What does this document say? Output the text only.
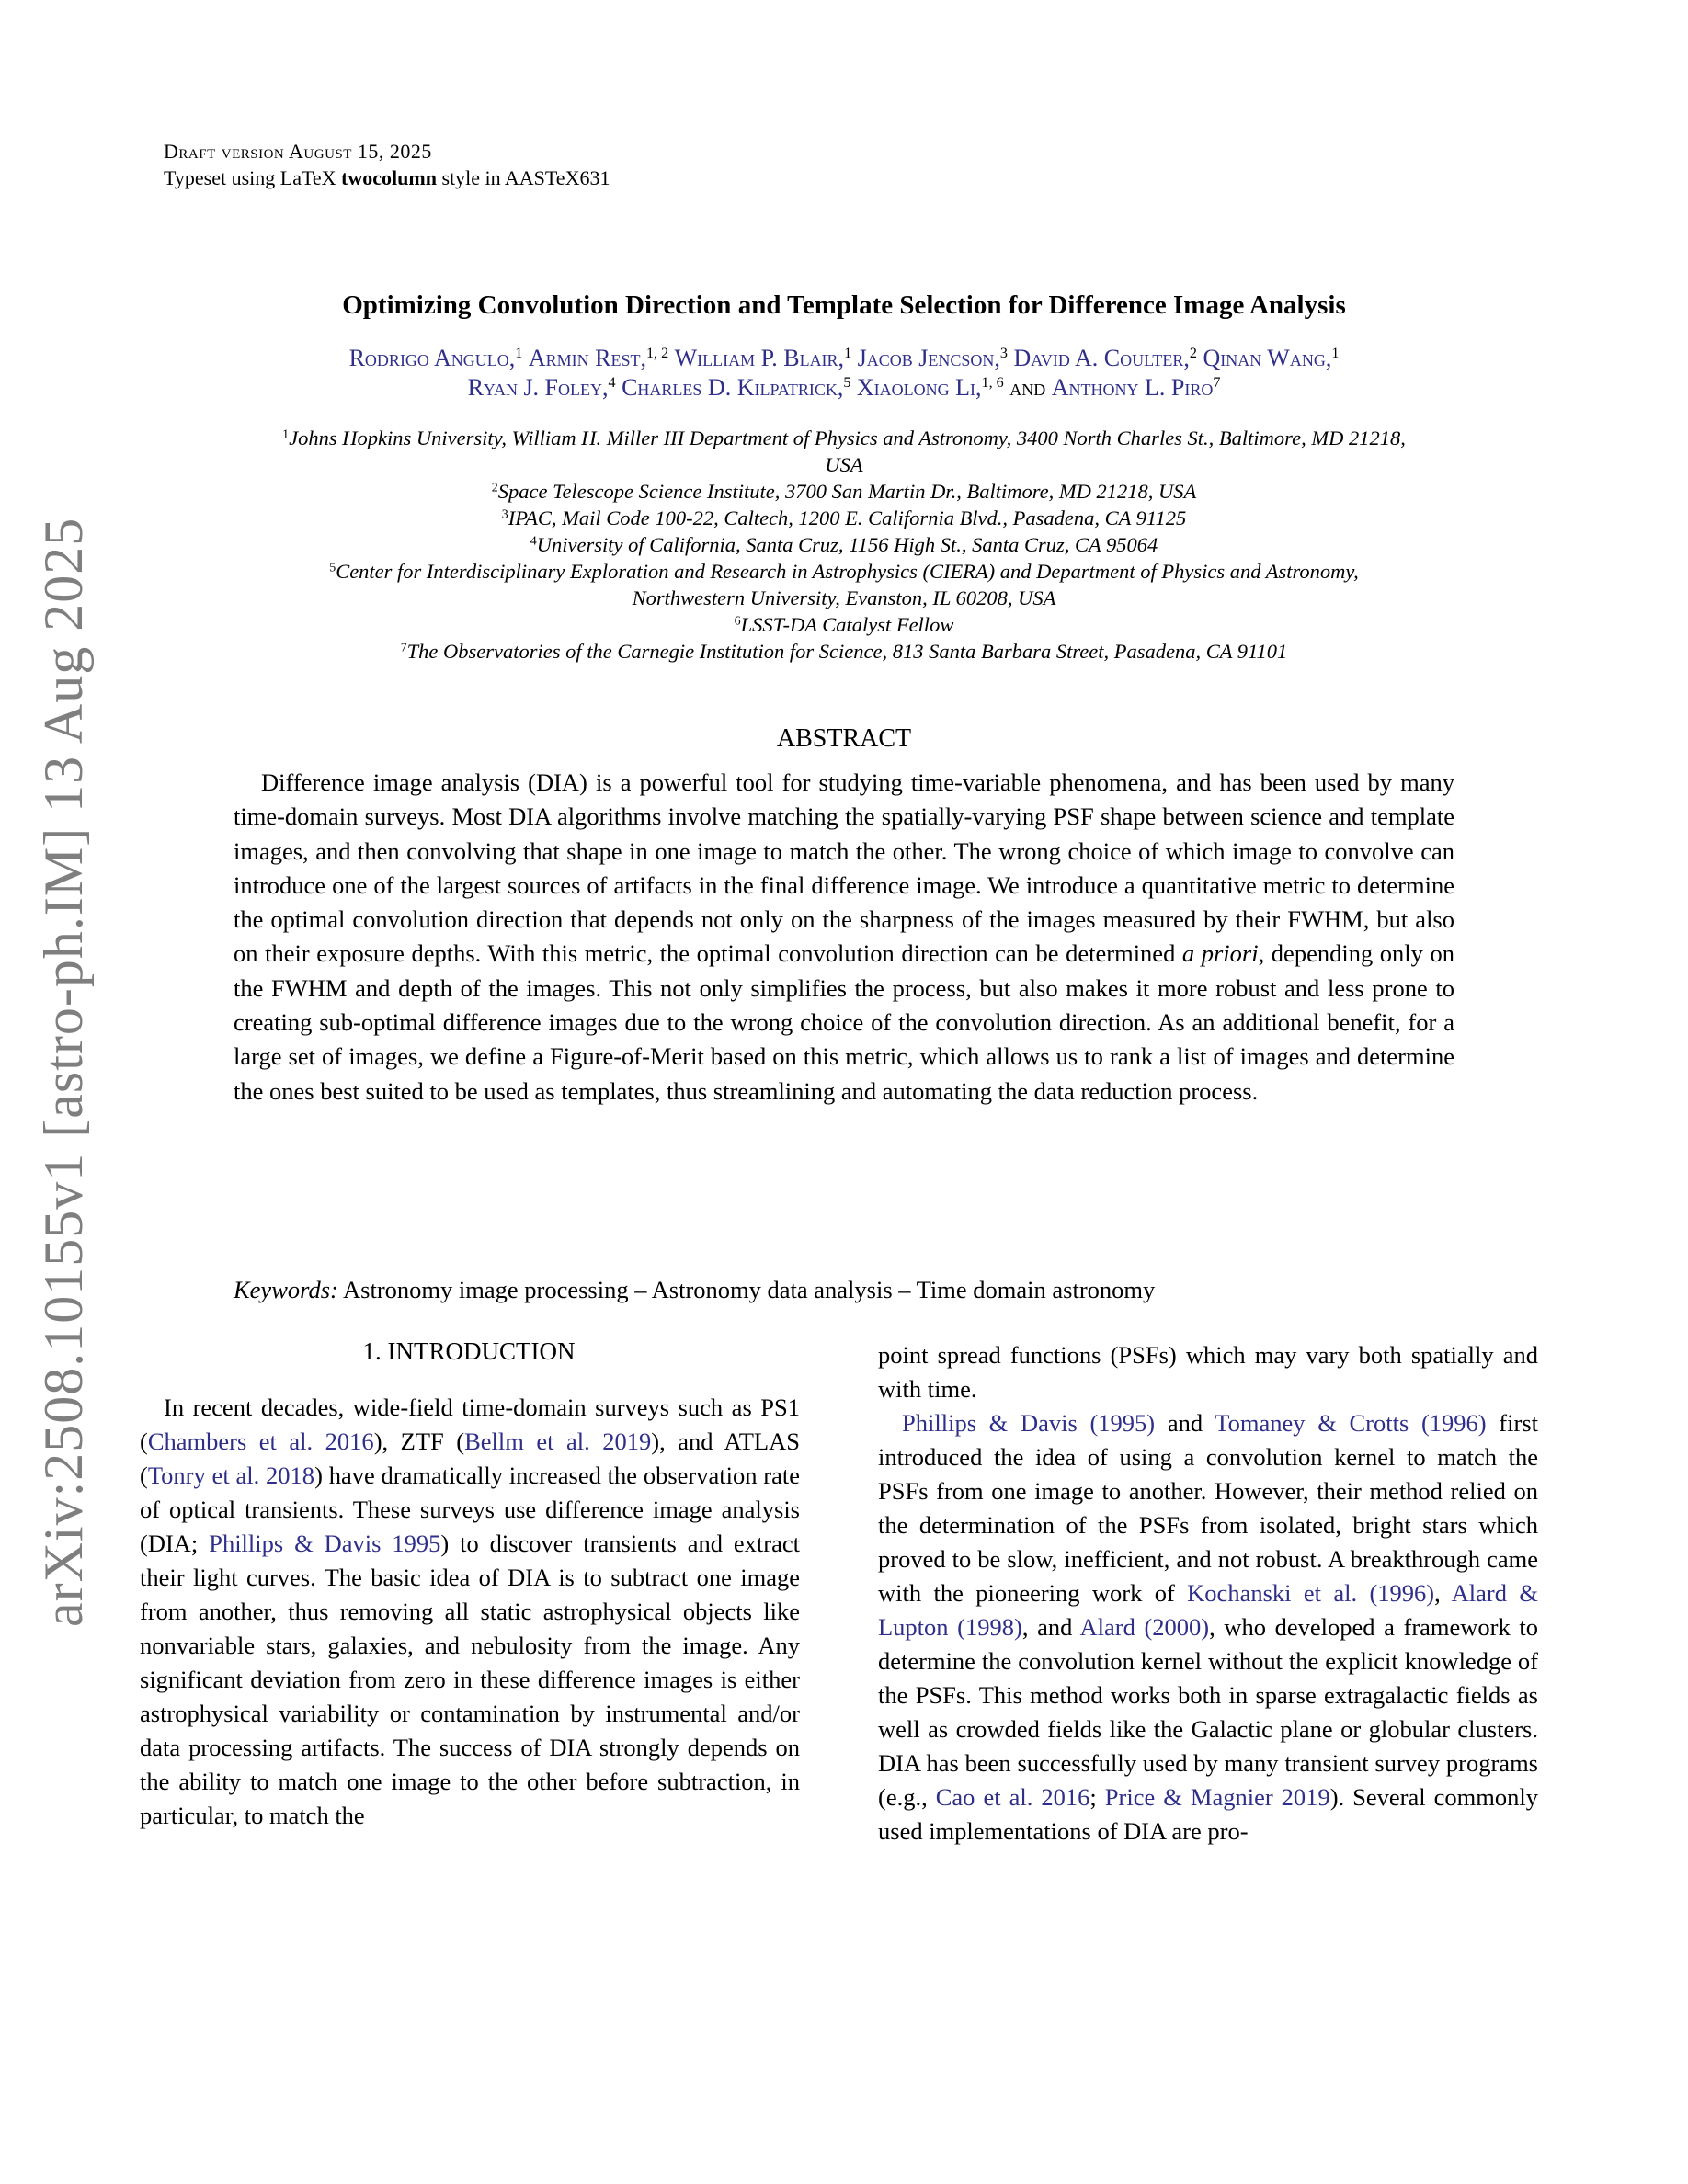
Draft version August 15, 2025
Typeset using LaTeX twocolumn style in AASTeX631
arXiv:2508.10155v1 [astro-ph.IM] 13 Aug 2025
Optimizing Convolution Direction and Template Selection for Difference Image Analysis
Rodrigo Angulo,$^1$ Armin Rest,$^{1, 2}$ William P. Blair,$^1$ Jacob Jencson,$^3$ David A. Coulter,$^2$ Qinan Wang,$^1$
Ryan J. Foley,$^4$ Charles D. Kilpatrick,$^5$ Xiaolong Li,$^{1, 6}$ and Anthony L. Piro$^7$

$^1$Johns Hopkins University, William H. Miller III Department of Physics and Astronomy, 3400 North Charles St., Baltimore, MD 21218,
USA

$^2$Space Telescope Science Institute, 3700 San Martin Dr., Baltimore, MD 21218, USA

$^3$IPAC, Mail Code 100-22, Caltech, 1200 E. California Blvd., Pasadena, CA 91125

$^4$University of California, Santa Cruz, 1156 High St., Santa Cruz, CA 95064

$^5$Center for Interdisciplinary Exploration and Research in Astrophysics (CIERA) and Department of Physics and Astronomy,
Northwestern University, Evanston, IL 60208, USA

$^6$LSST-DA Catalyst Fellow

$^7$The Observatories of the Carnegie Institution for Science, 813 Santa Barbara Street, Pasadena, CA 91101

ABSTRACT

Difference image analysis (DIA) is a powerful tool for studying time-variable phenomena, and has been used by many time-domain surveys. Most DIA algorithms involve matching the spatially-varying PSF shape between science and template images, and then convolving that shape in one image to match the other. The wrong choice of which image to convolve can introduce one of the largest sources of artifacts in the final difference image. We introduce a quantitative metric to determine the optimal convolution direction that depends not only on the sharpness of the images measured by their FWHM, but also on their exposure depths. With this metric, the optimal convolution direction can be determined a priori, depending only on the FWHM and depth of the images. This not only simplifies the process, but also makes it more robust and less prone to creating sub-optimal difference images due to the wrong choice of the convolution direction. As an additional benefit, for a large set of images, we define a Figure-of-Merit based on this metric, which allows us to rank a list of images and determine the ones best suited to be used as templates, thus streamlining and automating the data reduction process.

Keywords: Astronomy image processing – Astronomy data analysis – Time domain astronomy
1. INTRODUCTION

In recent decades, wide-field time-domain surveys such as PS1 (Chambers et al. 2016), ZTF (Bellm et al. 2019), and ATLAS (Tonry et al. 2018) have dramatically increased the observation rate of optical transients. These surveys use difference image analysis (DIA; Phillips & Davis 1995) to discover transients and extract their light curves. The basic idea of DIA is to subtract one image from another, thus removing all static astrophysical objects like nonvariable stars, galaxies, and nebulosity from the image. Any significant deviation from zero in these difference images is either astrophysical variability or contamination by instrumental and/or data processing artifacts. The success of DIA strongly depends on the ability to match one image to the other before subtraction, in particular, to match the

point spread functions (PSFs) which may vary both spatially and with time.

Phillips & Davis (1995) and Tomaney & Crotts (1996) first introduced the idea of using a convolution kernel to match the PSFs from one image to another. However, their method relied on the determination of the PSFs from isolated, bright stars which proved to be slow, inefficient, and not robust. A breakthrough came with the pioneering work of Kochanski et al. (1996), Alard & Lupton (1998), and Alard (2000), who developed a framework to determine the convolution kernel without the explicit knowledge of the PSFs. This method works both in sparse extragalactic fields as well as crowded fields like the Galactic plane or globular clusters. DIA has been successfully used by many transient survey programs (e.g., Cao et al. 2016; Price & Magnier 2019). Several commonly used implementations of DIA are pro-
